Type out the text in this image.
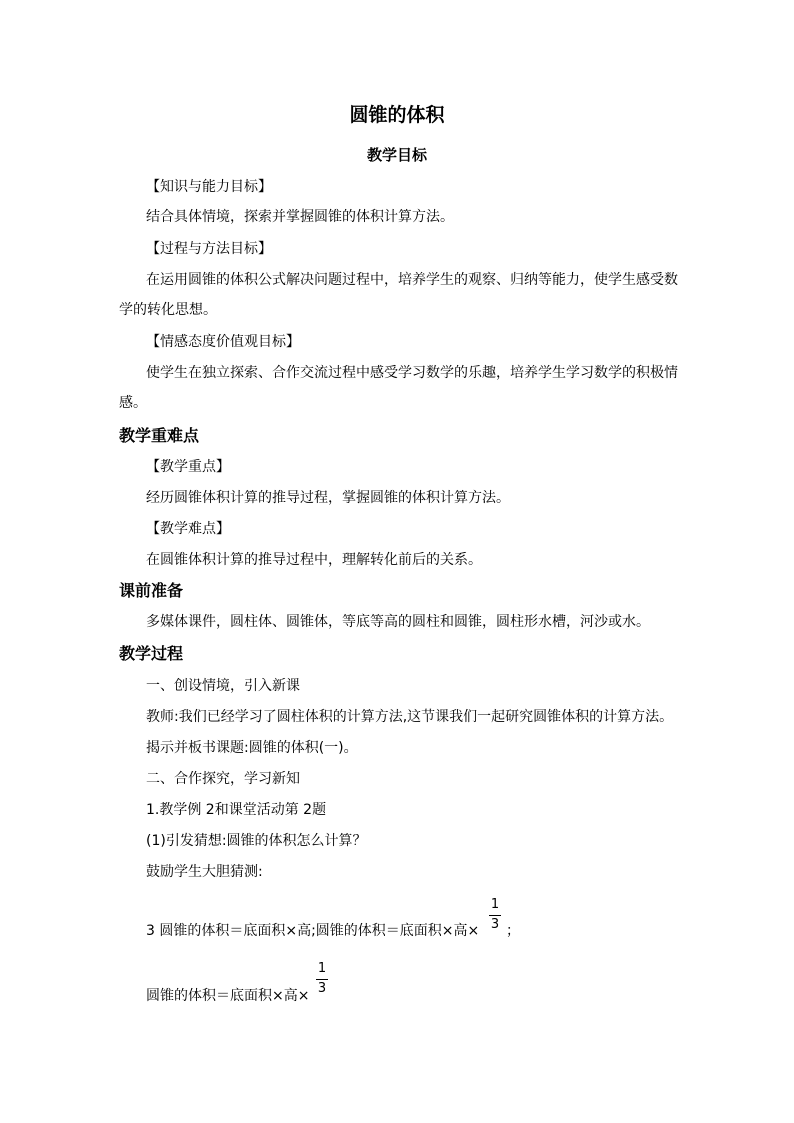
圆锥的体积
教学目标
【知识与能力目标】
结合具体情境，探索并掌握圆锥的体积计算方法。
【过程与方法目标】
在运用圆锥的体积公式解决问题过程中，培养学生的观察、归纳等能力，使学生感受数
学的转化思想。
【情感态度价值观目标】
使学生在独立探索、合作交流过程中感受学习数学的乐趣，培养学生学习数学的积极情
感。
教学重难点
【教学重点】
经历圆锥体积计算的推导过程，掌握圆锥的体积计算方法。
【教学难点】
在圆锥体积计算的推导过程中，理解转化前后的关系。
课前准备
多媒体课件，圆柱体、圆锥体，等底等高的圆柱和圆锥，圆柱形水槽，河沙或水。
教学过程
一、创设情境，引入新课
教师:我们已经学习了圆柱体积的计算方法,这节课我们一起研究圆锥体积的计算方法。
揭示并板书课题:圆锥的体积(一)。
二、合作探究，学习新知
1.教学例 2和课堂活动第 2题
(1)引发猜想:圆锥的体积怎么计算？
鼓励学生大胆猜测:
3 圆锥的体积＝底面积×高;圆锥的体积＝底面积×高×
1
3 ；
圆锥的体积＝底面积×高×
1
3
